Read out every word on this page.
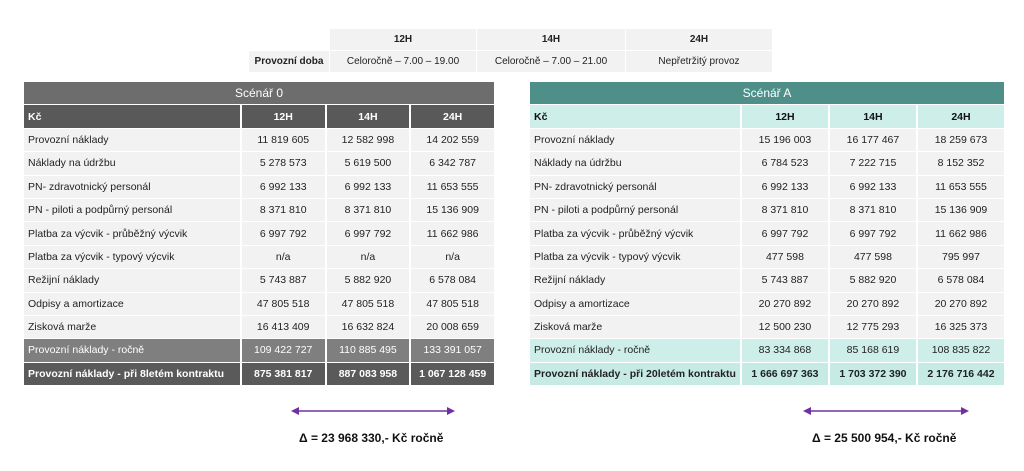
	12H	14H	24H
Provozní doba	Celoročně – 7.00 – 19.00	Celoročně – 7.00 – 21.00	Nepřetržitý provoz
Scénář 0			
Kč	12H	14H	24H
Provozní náklady	11 819 605	12 582 998	14 202 559
Náklady na údržbu	5 278 573	5 619 500	6 342 787
PN- zdravotnický personál	6 992 133	6 992 133	11 653 555
PN - piloti a podpůrný personál	8 371 810	8 371 810	15 136 909
Platba za výcvik - průběžný výcvik	6 997 792	6 997 792	11 662 986
Platba za výcvik - typový výcvik	n/a	n/a	n/a
Režijní náklady	5 743 887	5 882 920	6 578 084
Odpisy a amortizace	47 805 518	47 805 518	47 805 518
Zisková marže	16 413 409	16 632 824	20 008 659
Provozní náklady - ročně	109 422 727	110 885 495	133 391 057
Provozní náklady - při 8letém kontraktu	875 381 817	887 083 958	1 067 128 459
Scénář A			
Kč	12H	14H	24H
Provozní náklady	15 196 003	16 177 467	18 259 673
Náklady na údržbu	6 784 523	7 222 715	8 152 352
PN- zdravotnický personál	6 992 133	6 992 133	11 653 555
PN - piloti a podpůrný personál	8 371 810	8 371 810	15 136 909
Platba za výcvik - průběžný výcvik	6 997 792	6 997 792	11 662 986
Platba za výcvik - typový výcvik	477 598	477 598	795 997
Režijní náklady	5 743 887	5 882 920	6 578 084
Odpisy a amortizace	20 270 892	20 270 892	20 270 892
Zisková marže	12 500 230	12 775 293	16 325 373
Provozní náklady - ročně	83 334 868	85 168 619	108 835 822
Provozní náklady - při 20letém kontraktu	1 666 697 363	1 703 372 390	2 176 716 442
Δ = 23 968 330,- Kč ročně	Δ = 25 500 954,- Kč ročně
